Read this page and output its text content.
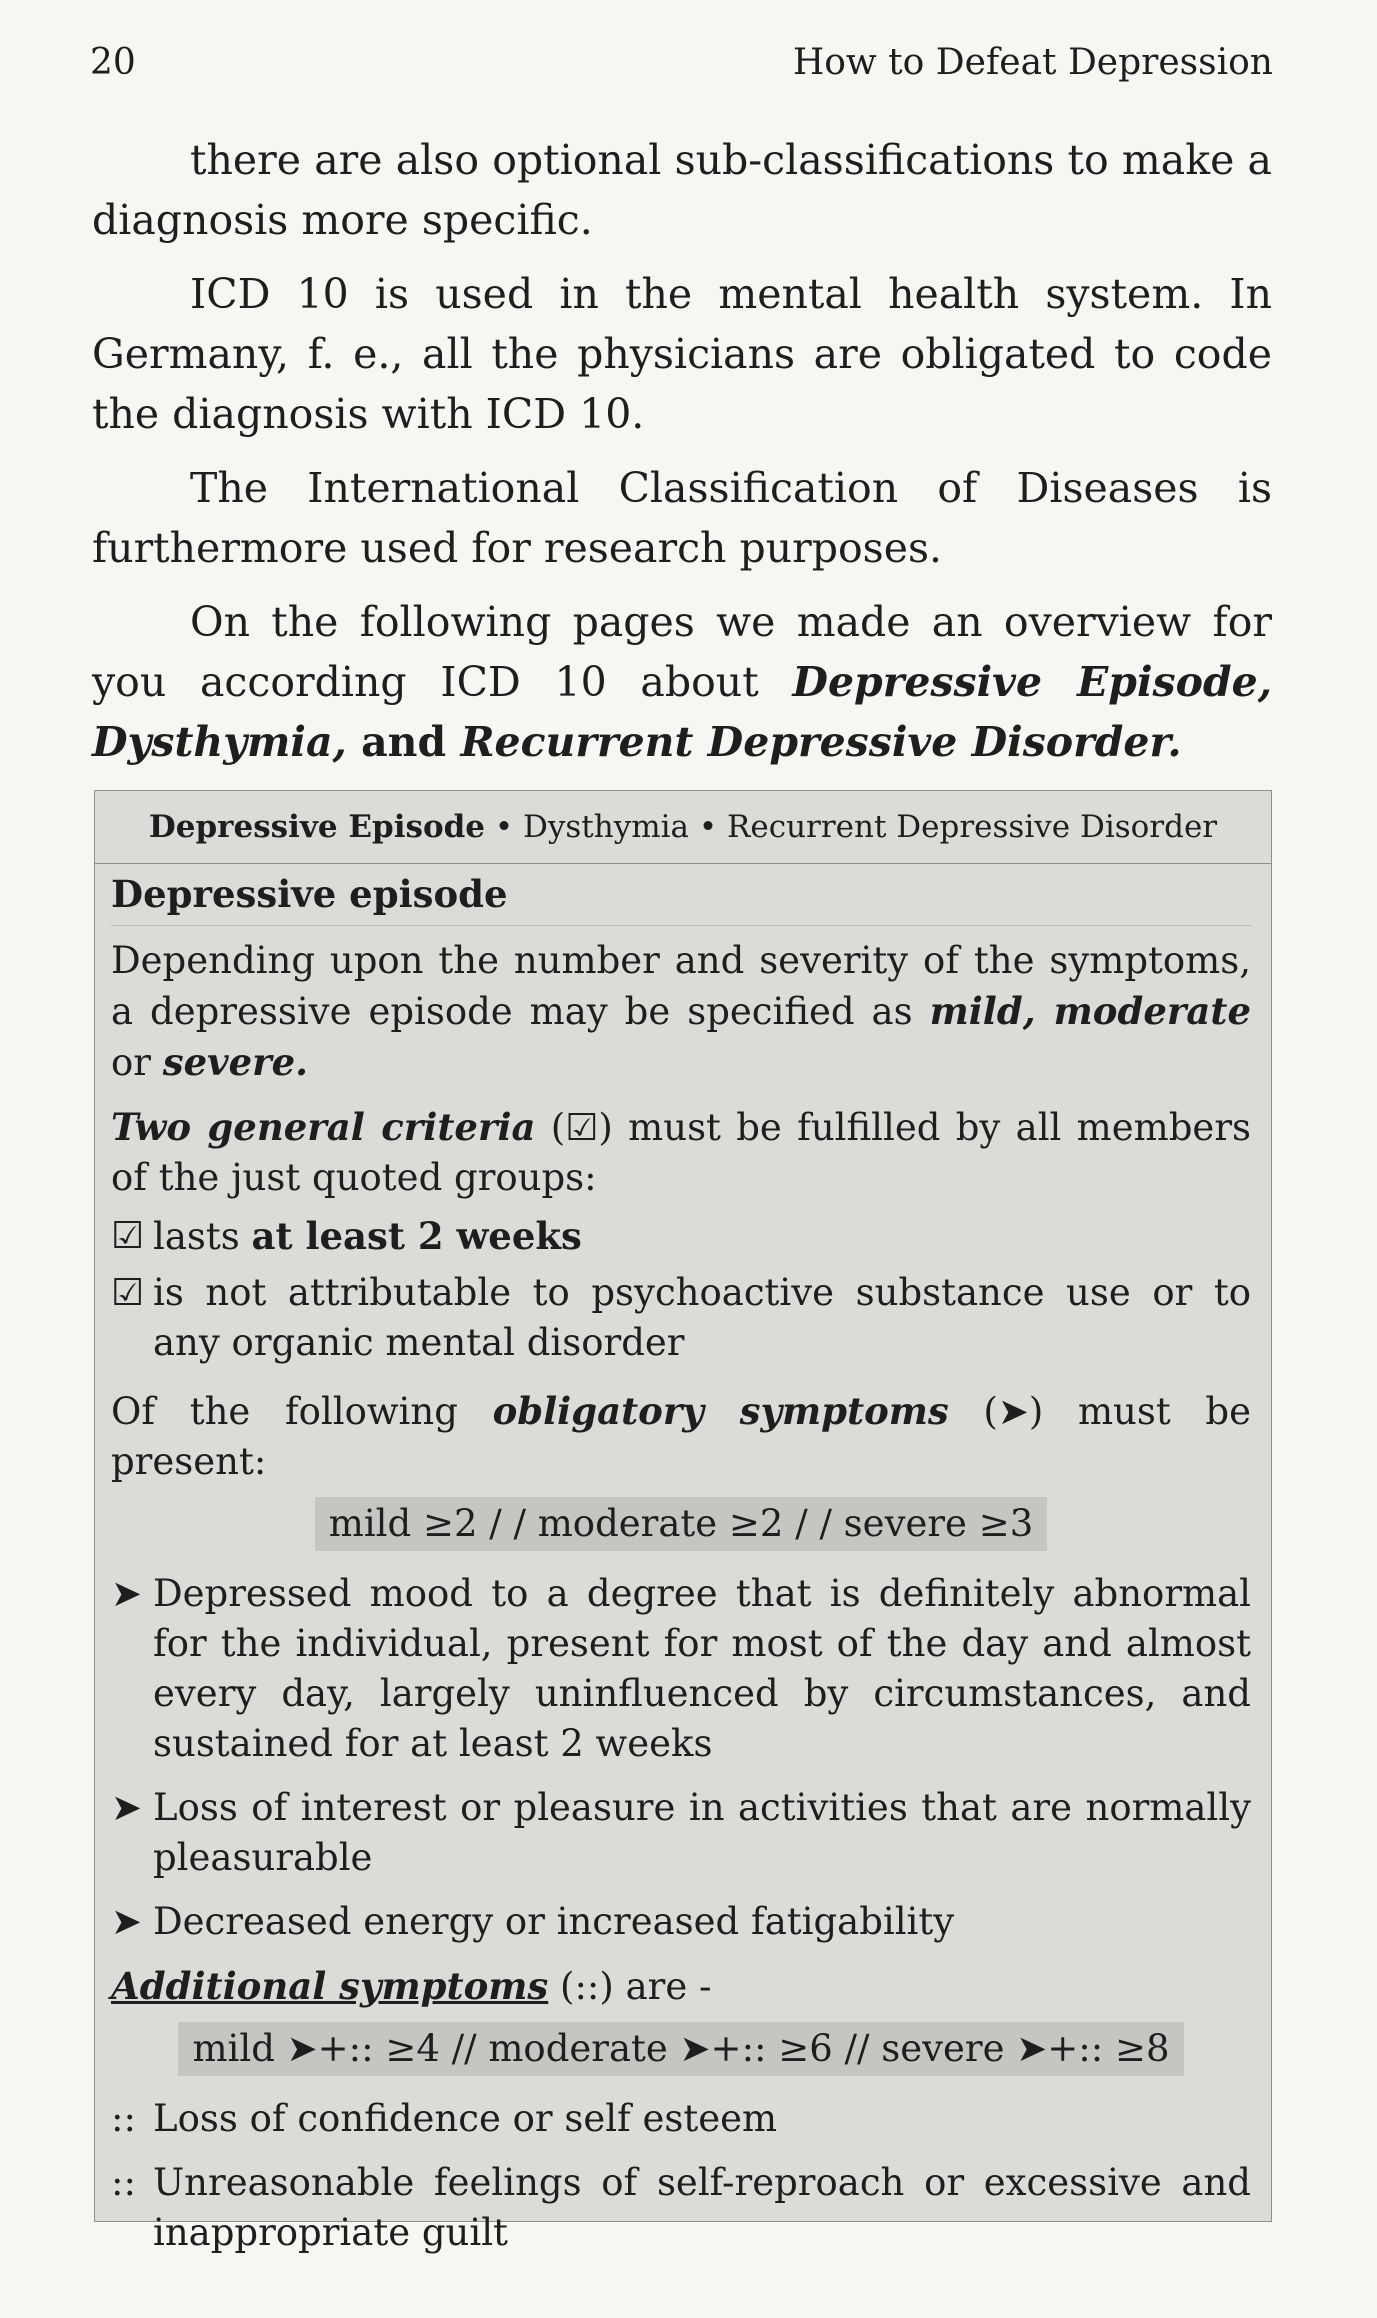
20	How to Defeat Depression

there are also optional sub-classifications to make a diagnosis more specific.

ICD 10 is used in the mental health system. In Germany, f. e., all the physicians are obligated to code the diagnosis with ICD 10.

The International Classification of Diseases is furthermore used for research purposes.

On the following pages we made an overview for you according ICD 10 about Depressive Episode, Dysthymia, and Recurrent Depressive Disorder.

Depressive Episode • Dysthymia • Recurrent Depressive Disorder
Depressive episode
Depending upon the number and severity of the symptoms, a depressive episode may be specified as mild, moderate or severe.
Two general criteria (☑) must be fulfilled by all members of the just quoted groups:
☑ lasts at least 2 weeks
☑ is not attributable to psychoactive substance use or to any organic mental disorder
Of the following obligatory symptoms (➤) must be present:
mild ≥2 / / moderate ≥2 / / severe ≥3
➤ Depressed mood to a degree that is definitely abnormal for the individual, present for most of the day and almost every day, largely uninfluenced by circumstances, and sustained for at least 2 weeks
➤ Loss of interest or pleasure in activities that are normally pleasurable
➤ Decreased energy or increased fatigability
Additional symptoms (::) are -
mild ➤+:: ≥4 // moderate ➤+:: ≥6 // severe ➤+:: ≥8
:: Loss of confidence or self esteem
:: Unreasonable feelings of self-reproach or excessive and inappropriate guilt
